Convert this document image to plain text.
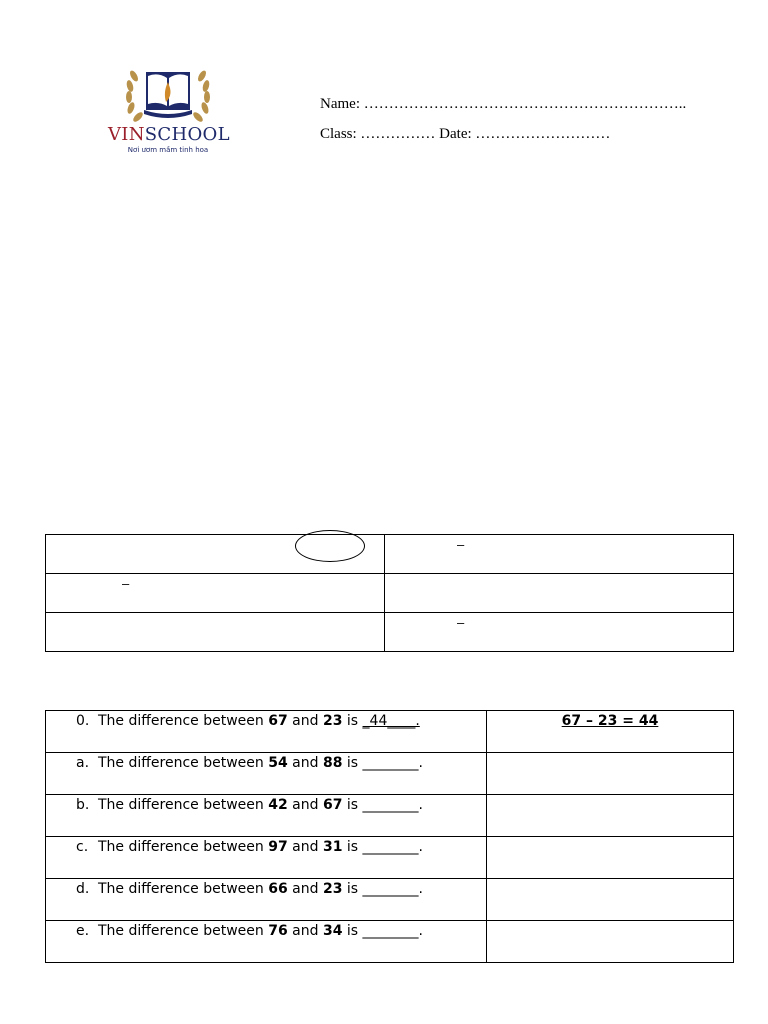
VINSCHOOL
Nơi ươm mầm tinh hoa
Name: ………………………………………………………..
Class: …………… Date: ………………………

	–

–	

	–
0. The difference between 67 and 23 is _44____.	67 – 23 = 44
a. The difference between 54 and 88 is ________.	
b. The difference between 42 and 67 is ________.	
c. The difference between 97 and 31 is ________.	
d. The difference between 66 and 23 is ________.	
e. The difference between 76 and 34 is ________.	
